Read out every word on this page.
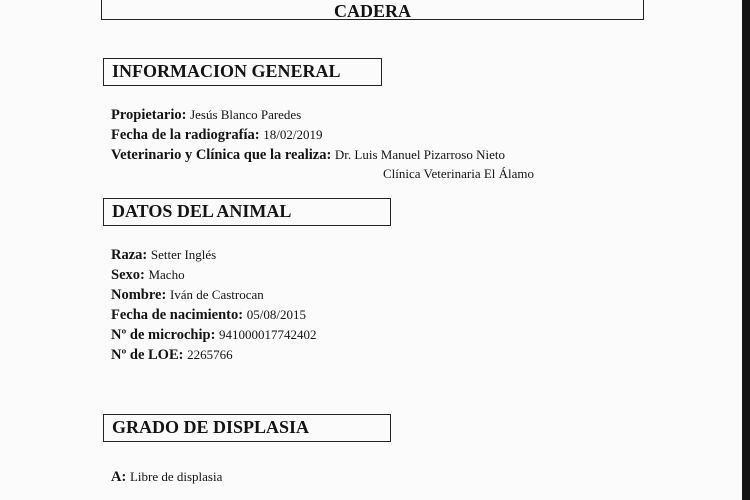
CADERA
INFORMACION GENERAL
Propietario: Jesús Blanco Paredes
Fecha de la radiografía: 18/02/2019
Veterinario y Clínica que la realiza: Dr. Luis Manuel Pizarroso Nieto
Clínica Veterinaria El Álamo
DATOS DEL ANIMAL
Raza: Setter Inglés
Sexo: Macho
Nombre: Iván de Castrocan
Fecha de nacimiento: 05/08/2015
Nº de microchip: 941000017742402
Nº de LOE: 2265766
GRADO DE DISPLASIA
A: Libre de displasia
